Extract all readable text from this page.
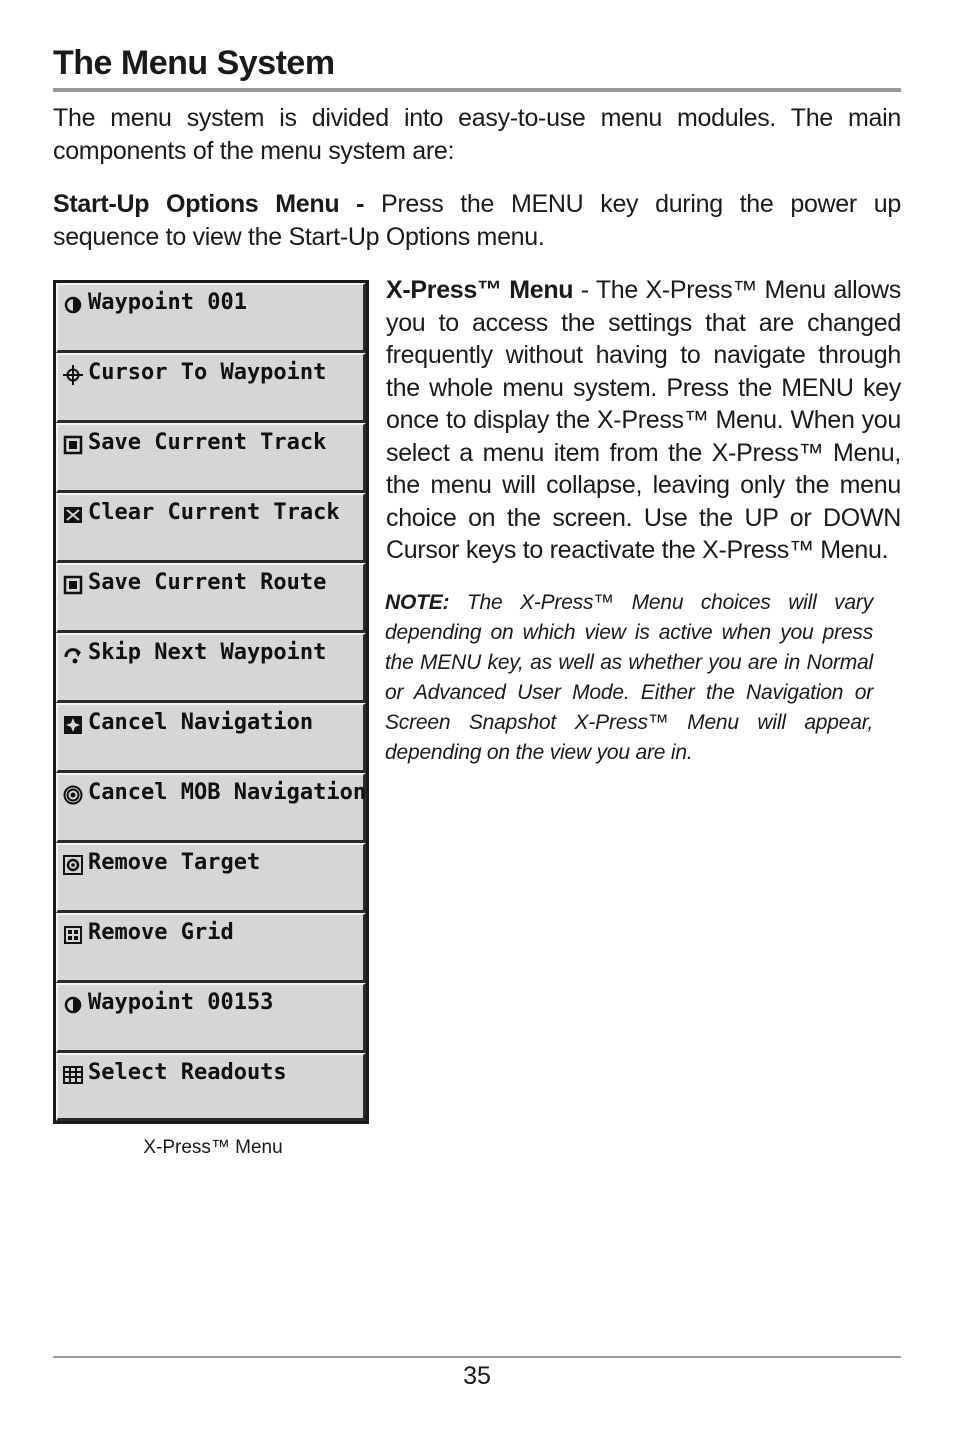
The Menu System

The menu system is divided into easy-to-use menu modules. The main components of the menu system are:

Start-Up Options Menu - Press the MENU key during the power up sequence to view the Start-Up Options menu.

Waypoint 001
Cursor To Waypoint
Save Current Track
Clear Current Track
Save Current Route
Skip Next Waypoint
Cancel Navigation
Cancel MOB Navigation
Remove Target
Remove Grid
Waypoint 00153
Select Readouts
X-Press™ Menu

X-Press™ Menu - The X-Press™ Menu allows you to access the settings that are changed frequently without having to navigate through the whole menu system. Press the MENU key once to display the X-Press™ Menu. When you select a menu item from the X-Press™ Menu, the menu will collapse, leaving only the menu choice on the screen. Use the UP or DOWN Cursor keys to reactivate the X-Press™ Menu.

NOTE: The X-Press™ Menu choices will vary depending on which view is active when you press the MENU key, as well as whether you are in Normal or Advanced User Mode. Either the Navigation or Screen Snapshot X-Press™ Menu will appear, depending on the view you are in.

35
